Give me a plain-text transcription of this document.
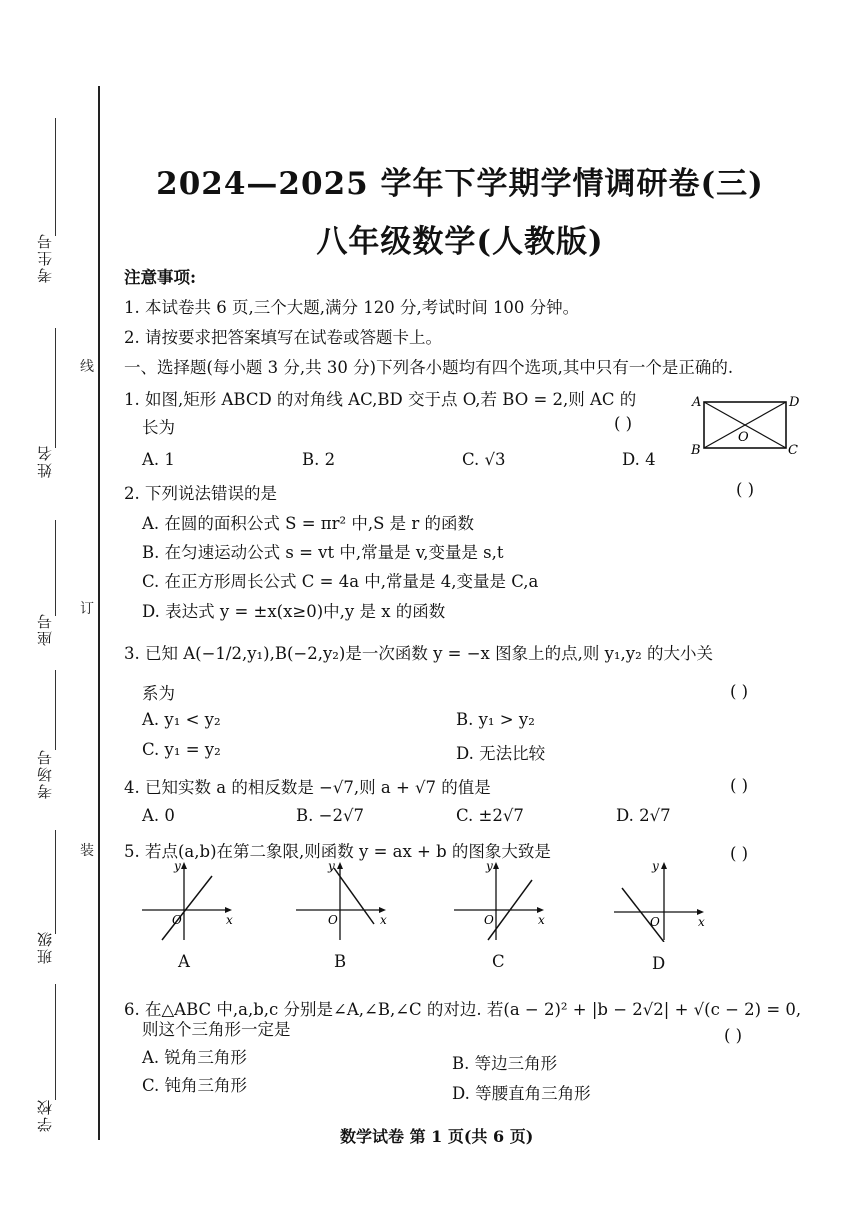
考生号
姓名
座号
考场号
班级
学校
线
订
装
2024—2025 学年下学期学情调研卷(三)
八年级数学(人教版)
注意事项:
1. 本试卷共 6 页,三个大题,满分 120 分,考试时间 100 分钟。
2. 请按要求把答案填写在试卷或答题卡上。
一、选择题(每小题 3 分,共 30 分)下列各小题均有四个选项,其中只有一个是正确的.
1. 如图,矩形 ABCD 的对角线 AC,BD 交于点 O,若 BO = 2,则 AC 的
长为	( )
A. 1	B. 2	C. √3	D. 4
A	D
O
B	C
2. 下列说法错误的是	( )
A. 在圆的面积公式 S = πr² 中,S 是 r 的函数
B. 在匀速运动公式 s = vt 中,常量是 v,变量是 s,t
C. 在正方形周长公式 C = 4a 中,常量是 4,变量是 C,a
D. 表达式 y = ±x(x≥0)中,y 是 x 的函数
3. 已知 A(−1/2,y₁),B(−2,y₂)是一次函数 y = −x 图象上的点,则 y₁,y₂ 的大小关
系为	( )
A. y₁ < y₂	B. y₁ > y₂
C. y₁ = y₂	D. 无法比较
4. 已知实数 a 的相反数是 −√7,则 a + √7 的值是	( )
A. 0	B. −2√7	C. ±2√7	D. 2√7
5. 若点(a,b)在第二象限,则函数 y = ax + b 的图象大致是	( )
y
x
O
A
y
x
O
B
y
x
O
C
y
x
O
D
6. 在△ABC 中,a,b,c 分别是∠A,∠B,∠C 的对边. 若(a − 2)² + |b − 2√2| + √(c − 2) = 0,
则这个三角形一定是	( )
A. 锐角三角形	B. 等边三角形
C. 钝角三角形	D. 等腰直角三角形
数学试卷 第 1 页(共 6 页)
